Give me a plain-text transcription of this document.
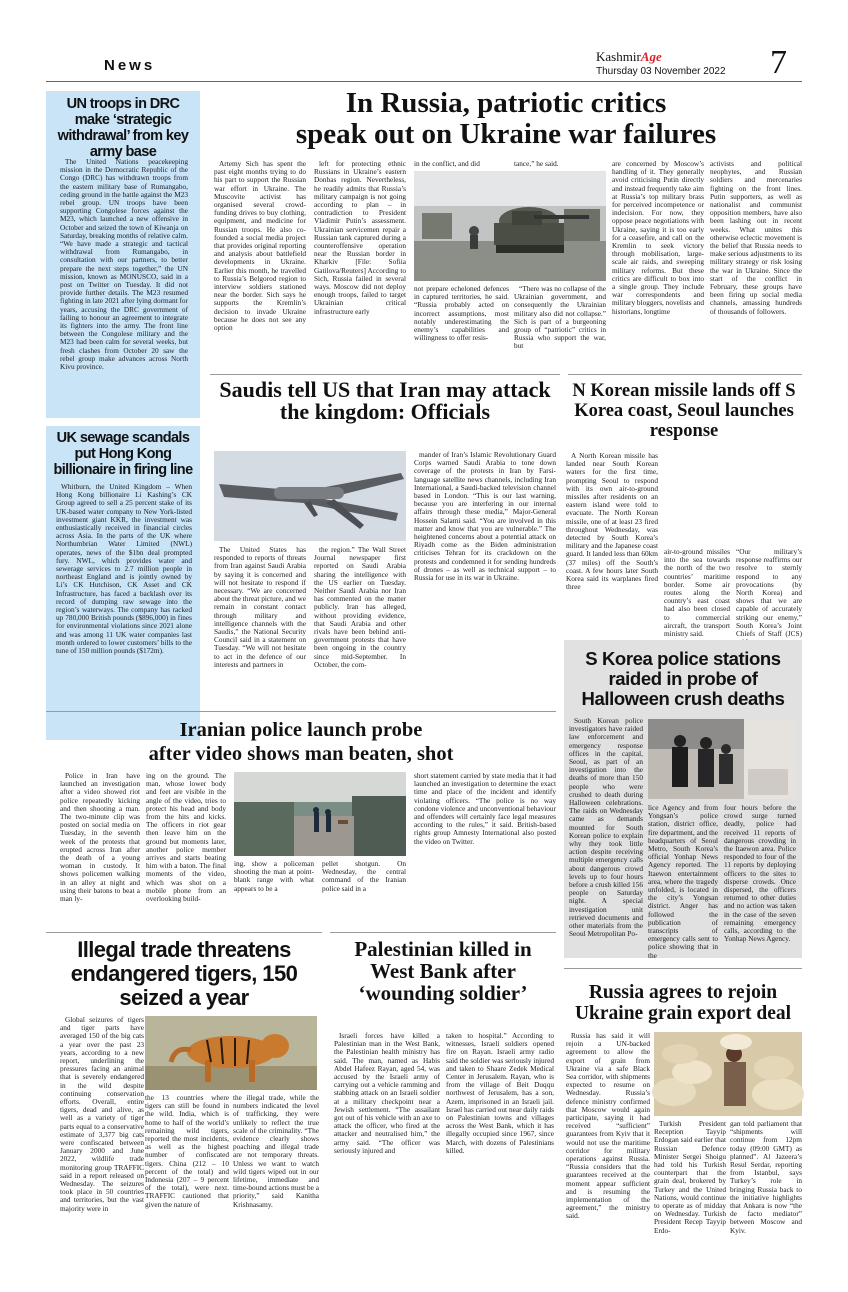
News
KashmirAge
Thursday 03 November 2022 7
UN troops in DRC make ‘strategic withdrawal’ from key army base
The United Nations peacekeeping mission in the Democratic Republic of the Congo (DRC) has withdrawn troops from the eastern military base of Rumangabo, ceding ground in the battle against the M23 rebel group. UN troops have been supporting Congolese forces against the M23, which launched a new offensive in October and seized the town of Kiwanja on Saturday, breaking months of relative calm. “We have made a strategic and tactical withdrawal from Rumangabo, in consultation with our partners, to better prepare the next steps together,” the UN mission, known as MONUSCO, said in a post on Twitter on Tuesday. It did not provide further details. The M23 resumed fighting in late 2021 after lying dormant for years, accusing the DRC government of failing to honour an agreement to integrate its fighters into the army. The front line between the Congolese military and the M23 had been calm for several weeks, but fresh clashes from October 20 saw the rebel group make advances across North Kivu province.
UK sewage scandals put Hong Kong billionaire in firing line
Whitburn, the United Kingdom – When Hong Kong billionaire Li Kashing’s CK Group agreed to sell a 25 percent stake of its UK-based water company to New York-listed investment giant KKR, the investment was enthusiastically received in financial circles across Asia. In the parts of the UK where Northumbrian Water Limited (NWL) operates, news of the $1bn deal prompted fury. NWL, which provides water and sewerage services to 2.7 million people in northeast England and is jointly owned by Li’s CK Hutchison, CK Asset and CK Infrastructure, has faced a backlash over its record of dumping raw sewage into the region’s waterways. The company has racked up 780,000 British pounds ($896,000) in fines for environmental violations since 2021 alone and was among 11 UK water companies last month ordered to lower customers’ bills to the tune of 150 million pounds ($172m).
In Russia, patriotic critics
speak out on Ukraine war failures
Artemy Sich has spent the past eight months trying to do his part to support the Russian war effort in Ukraine. The Muscovite activist has organised several crowd-funding drives to buy clothing, equipment, and medicine for Russian troops. He also co-founded a social media project that provides original reporting and analysis about battlefield developments in Ukraine. Earlier this month, he travelled to Russia’s Belgorod region to interview soldiers stationed near the border. Sich says he supports the Kremlin’s decision to invade Ukraine because he does not see any option
left for protecting ethnic Russians in Ukraine’s eastern Donbas region. Nevertheless, he readily admits that Russia’s military campaign is not going according to plan – in contradiction to President Vladimir Putin’s assessment. Ukrainian servicemen repair a Russian tank captured during a counteroffensive operation near the Russian border in Kharkiv [File: Sofiia Gatilova/Reuters] According to Sich, Russia failed in several ways. Moscow did not deploy enough troops, failed to target Ukrainian critical infrastructure early
in the conflict, and did	tance,” he said.
not prepare echeloned defences in captured territories, he said. “Russia probably acted on incorrect assumptions, most notably underestimating the enemy’s capabilities and willingness to offer resis-
“There was no collapse of the Ukrainian government, and consequently the Ukrainian military also did not collapse.” Sich is part of a burgeoning group of “patriotic” critics in Russia who support the war, but
are concerned by Moscow’s handling of it. They generally avoid criticising Putin directly and instead frequently take aim at Russia’s top military brass for perceived incompetence or indecision. For now, they oppose peace negotiations with Ukraine, saying it is too early for a ceasefire, and call on the Kremlin to seek victory through mobilisation, large-scale air raids, and sweeping military reforms. But these critics are difficult to box into a single group. They include war correspondents and military bloggers, novelists and historians, longtime
activists and political neophytes, and Russian soldiers and mercenaries fighting on the front lines. Putin supporters, as well as nationalist and communist opposition members, have also been lashing out in recent weeks. What unites this otherwise eclectic movement is the belief that Russia needs to make serious adjustments to its military strategy or risk losing the war in Ukraine. Since the start of the conflict in February, these groups have been firing up social media channels, amassing hundreds of thousands of followers.
Saudis tell US that Iran may attack the kingdom: Officials
The United States has responded to reports of threats from Iran against Saudi Arabia by saying it is concerned and will not hesitate to respond if necessary. “We are concerned about the threat picture, and we remain in constant contact through military and intelligence channels with the Saudis,” the National Security Council said in a statement on Tuesday. “We will not hesitate to act in the defence of our interests and partners in
the region.” The Wall Street Journal newspaper first reported on Saudi Arabia sharing the intelligence with the US earlier on Tuesday. Neither Saudi Arabia nor Iran has commented on the matter publicly. Iran has alleged, without providing evidence, that Saudi Arabia and other rivals have been behind anti-government protests that have been ongoing in the country since mid-September. In October, the com-
mander of Iran’s Islamic Revolutionary Guard Corps warned Saudi Arabia to tone down coverage of the protests in Iran by Farsi-language satellite news channels, including Iran International, a Saudi-backed television channel based in London. “This is our last warning, because you are interfering in our internal affairs through these media,” Major-General Hossein Salami said. “You are involved in this matter and know that you are vulnerable.” The heightened concerns about a potential attack on Riyadh come as the Biden administration criticises Tehran for its crackdown on the protests and condemned it for sending hundreds of drones – as well as technical support – to Russia for use in its war in Ukraine.
N Korean missile lands off S Korea coast, Seoul launches response
A North Korean missile has landed near South Korean waters for the first time, prompting Seoul to respond with its own air-to-ground missiles after residents on an eastern island were told to evacuate. The North Korean missile, one of at least 23 fired throughout Wednesday, was detected by South Korea’s military and the Japanese coast guard. It landed less than 60km (37 miles) off the South’s coast. A few hours later South Korea said its warplanes fired three
air-to-ground missiles into the sea towards the north of the two countries’ maritime border. Some air routes along the country’s east coast had also been closed to commercial aircraft, the transport ministry said.
“Our military’s response reaffirms our resolve to sternly respond to any provocations (by North Korea) and shows that we are capable of accurately striking our enemy,” South Korea’s Joint Chiefs of Staff (JCS)
S Korea police stations raided in probe of Halloween crush deaths
South Korean police investigators have raided law enforcement and emergency response offices in the capital, Seoul, as part of an investigation into the deaths of more than 150 people who were crushed to death during Halloween celebrations. The raids on Wednesday came as demands mounted for South Korean police to explain why they took little action despite receiving multiple emergency calls about dangerous crowd levels up to four hours before a crush killed 156 people on Saturday night. A special investigation unit retrieved documents and other materials from the Seoul Metropolitan Po-
lice Agency and from Yongsan’s police station, district office, fire department, and the headquarters of Seoul Metro, South Korea’s official Yonhap News Agency reported. The Itaewon entertainment area, where the tragedy unfolded, is located in the city’s Yongsan district. Anger has followed the publication of transcripts of emergency calls sent to police showing that in the
four hours before the crowd surge turned deadly, police had received 11 reports of dangerous crowding in the Itaewon area. Police responded to four of the 11 reports by deploying officers to the sites to disperse crowds. Once dispersed, the officers returned to other duties and no action was taken in the case of the seven remaining emergency calls, according to the Yonhap News Agency.
Iranian police launch probe
after video shows man beaten, shot
Police in Iran have launched an investigation after a video showed riot police repeatedly kicking and then shooting a man. The two-minute clip was posted on social media on Tuesday, in the seventh week of the protests that erupted across Iran after the death of a young woman in custody. It shows policemen walking in an alley at night and using their batons to beat a man ly-
ing on the ground. The man, whose lower body and feet are visible in the angle of the video, tries to protect his head and body from the hits and kicks. The officers in riot gear then leave him on the ground but moments later, another police member arrives and starts beating him with a baton. The final moments of the video, which was shot on a mobile phone from an overlooking build-
ing, show a policeman shooting the man at point-blank range with what appears to be a
pellet shotgun. On Wednesday, the central command of the Iranian police said in a
short statement carried by state media that it had launched an investigation to determine the exact time and place of the incident and identify violating officers. “The police is no way condone violence and unconventional behaviour and offenders will certainly face legal measures according to the rules,” it said. British-based rights group Amnesty International also posted the video on Twitter.
Illegal trade threatens endangered tigers, 150 seized a year
Global seizures of tigers and tiger parts have averaged 150 of the big cats a year over the past 23 years, according to a new report, underlining the pressures facing an animal that is severely endangered in the wild despite continuing conservation efforts. Overall, entire tigers, dead and alive, as well as a variety of tiger parts equal to a conservative estimate of 3,377 big cats were confiscated between January 2000 and June 2022, wildlife trade monitoring group TRAFFIC said in a report released on Wednesday. The seizures took place in 50 countries and territories, but the vast majority were in
the 13 countries where tigers can still be found in the wild. India, which is home to half of the world’s remaining wild tigers, reported the most incidents, as well as the highest number of confiscated tigers. China (212 – 10 percent of the total) and Indonesia (207 – 9 percent of the total), were next. TRAFFIC cautioned that given the nature of
the illegal trade, while the numbers indicated the level of trafficking, they were unlikely to reflect the true scale of the criminality. “The evidence clearly shows poaching and illegal trade are not temporary threats. Unless we want to watch wild tigers wiped out in our lifetime, immediate and time-bound actions must be a priority,” said Kanitha Krishnasamy.
Palestinian killed in West Bank after ‘wounding soldier’
Israeli forces have killed a Palestinian man in the West Bank, the Palestinian health ministry has said. The man, named as Habis Abdel Hafeez Rayan, aged 54, was accused by the Israeli army of carrying out a vehicle ramming and stabbing attack on an Israeli soldier at a military checkpoint near a Jewish settlement. “The assailant got out of his vehicle with an axe to attack the officer, who fired at the attacker and neutralised him,” the army said. “The officer was seriously injured and
taken to hospital.” According to witnesses, Israeli soldiers opened fire on Rayan. Israeli army radio said the soldier was seriously injured and taken to Shaare Zedek Medical Center in Jerusalem. Rayan, who is from the village of Beit Duqqu northwest of Jerusalem, has a son, Azem, imprisoned in an Israeli jail. Israel has carried out near daily raids on Palestinian towns and villages across the West Bank, which it has illegally occupied since 1967, since March, with dozens of Palestinians killed.
Russia agrees to rejoin Ukraine grain export deal
Russia has said it will rejoin a UN-backed agreement to allow the export of grain from Ukraine via a safe Black Sea corridor, with shipments expected to resume on Wednesday. Russia’s defence ministry confirmed that Moscow would again participate, saying it had received “sufficient” guarantees from Kyiv that it would not use the maritime corridor for military operations against Russia. “Russia considers that the guarantees received at the moment appear sufficient and is resuming the implementation of the agreement,” the ministry said.
Turkish President Reception Tayyip Erdogan said earlier that Russian Defence Minister Sergei Shoigu had told his Turkish counterpart that the grain deal, brokered by Turkey and the United Nations, would continue to operate as of midday on Wednesday. Turkish President Recep Tayyip Erdo-
gan told parliament that “shipments will continue from 12pm today (09:00 GMT) as planned”. Al Jazeera’s Resul Serdar, reporting from Istanbul, says Turkey’s role in bringing Russia back to the initiative highlights that Ankara is now “the de facto mediator” between Moscow and Kyiv.
